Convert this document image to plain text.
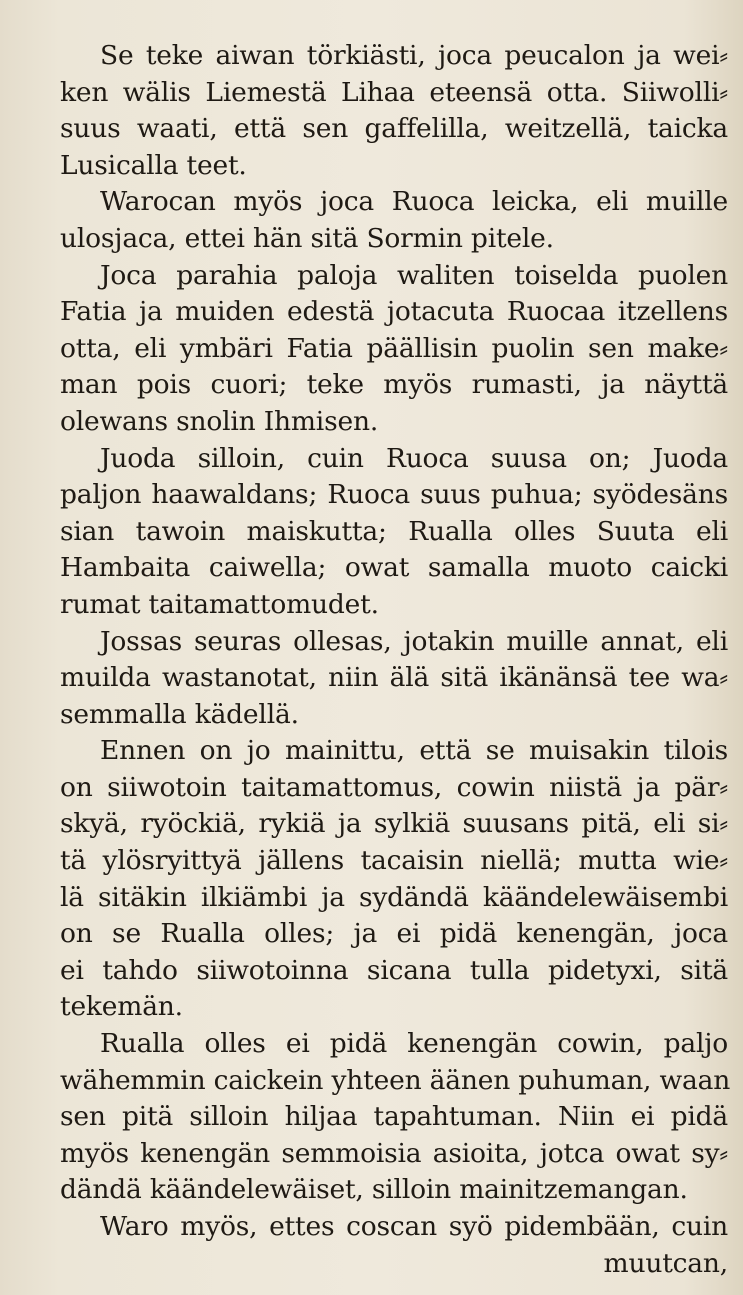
Se teke aiwan törkiästi, joca peucalon ja wei⸗
ken wälis Liemestä Lihaa eteensä otta. Siiwolli⸗
suus waati, että sen gaffelilla, weitzellä, taicka
Lusicalla teet.
Warocan myös joca Ruoca leicka, eli muille
ulosjaca, ettei hän sitä Sormin pitele.
Joca parahia paloja waliten toiselda puolen
Fatia ja muiden edestä jotacuta Ruocaa itzellens
otta, eli ymbäri Fatia päällisin puolin sen make⸗
man pois cuori; teke myös rumasti, ja näyttä
olewans snolin Ihmisen.
Juoda silloin, cuin Ruoca suusa on; Juoda
paljon haawaldans; Ruoca suus puhua; syödesäns
sian tawoin maiskutta; Rualla olles Suuta eli
Hambaita caiwella; owat samalla muoto caicki
rumat taitamattomudet.
Jossas seuras ollesas, jotakin muille annat, eli
muilda wastanotat, niin älä sitä ikänänsä tee wa⸗
semmalla kädellä.
Ennen on jo mainittu, että se muisakin tilois
on siiwotoin taitamattomus, cowin niistä ja pär⸗
skyä, ryöckiä, rykiä ja sylkiä suusans pitä, eli si⸗
tä ylösryittyä jällens tacaisin niellä; mutta wie⸗
lä sitäkin ilkiämbi ja sydändä käändelewäisembi
on se Rualla olles; ja ei pidä kenengän, joca
ei tahdo siiwotoinna sicana tulla pidetyxi, sitä
tekemän.
Rualla olles ei pidä kenengän cowin, paljo
wähemmin caickein yhteen äänen puhuman, waan
sen pitä silloin hiljaa tapahtuman. Niin ei pidä
myös kenengän semmoisia asioita, jotca owat sy⸗
dändä käändelewäiset, silloin mainitzemangan.
Waro myös, ettes coscan syö pidembään, cuin
muutcan,
